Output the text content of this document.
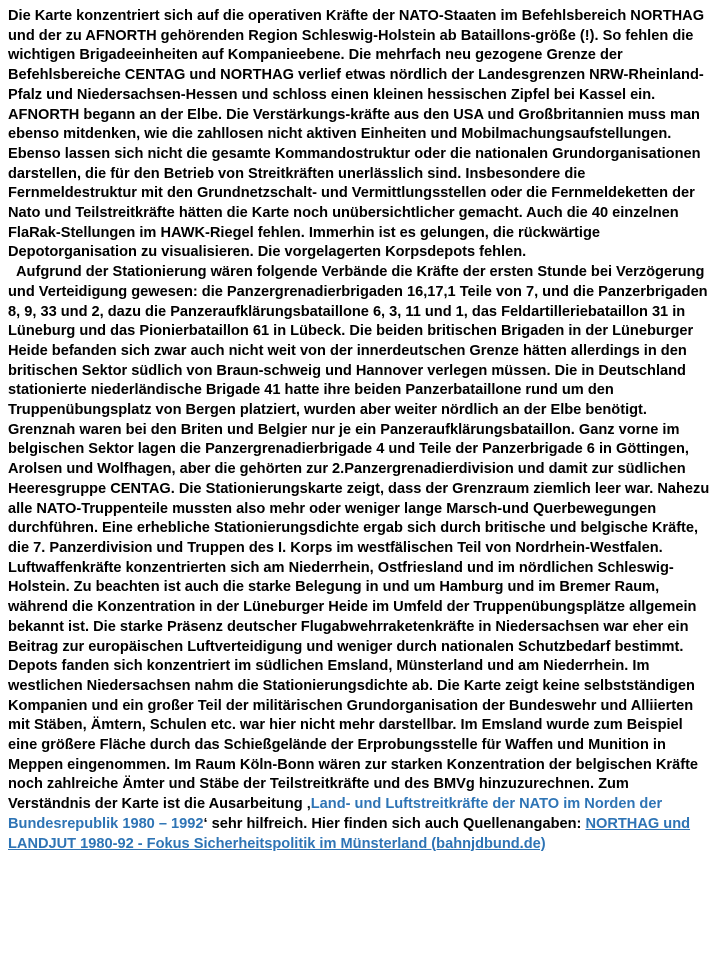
Die Karte konzentriert sich auf die operativen Kräfte der NATO-Staaten im Befehlsbereich NORTHAG und der zu AFNORTH gehörenden Region Schleswig-Holstein ab Bataillons-größe (!). So fehlen die wichtigen Brigadeeinheiten auf Kompanieebene. Die mehrfach neu gezogene Grenze der Befehlsbereiche CENTAG und NORTHAG verlief etwas nördlich der Landesgrenzen NRW-Rheinland-Pfalz und Niedersachsen-Hessen und schloss einen kleinen hessischen Zipfel bei Kassel ein. AFNORTH begann an der Elbe. Die Verstärkungs-kräfte aus den USA und Großbritannien muss man ebenso mitdenken, wie die zahllosen nicht aktiven Einheiten und Mobilmachungsaufstellungen. Ebenso lassen sich nicht die gesamte Kommandostruktur oder die nationalen Grundorganisationen darstellen, die für den Betrieb von Streitkräften unerlässlich sind. Insbesondere die Fernmeldestruktur mit den Grundnetzschalt- und Vermittlungsstellen oder die Fernmeldeketten der Nato und Teilstreitkräfte hätten die Karte noch unübersichtlicher gemacht. Auch die 40 einzelnen FlaRak-Stellungen im HAWK-Riegel fehlen. Immerhin ist es gelungen, die rückwärtige Depotorganisation zu visualisieren. Die vorgelagerten Korpsdepots fehlen.

Aufgrund der Stationierung wären folgende Verbände die Kräfte der ersten Stunde bei Verzögerung und Verteidigung gewesen: die Panzergrenadierbrigaden 16,17,1 Teile von 7, und die Panzerbrigaden 8, 9, 33 und 2, dazu die Panzeraufklärungsbataillone 6, 3, 11 und 1, das Feldartilleriebataillon 31 in Lüneburg und das Pionierbataillon 61 in Lübeck. Die beiden britischen Brigaden in der Lüneburger Heide befanden sich zwar auch nicht weit von der innerdeutschen Grenze hätten allerdings in den britischen Sektor südlich von Braun-schweig und Hannover verlegen müssen. Die in Deutschland stationierte niederländische Brigade 41 hatte ihre beiden Panzerbataillone rund um den Truppenübungsplatz von Bergen platziert, wurden aber weiter nördlich an der Elbe benötigt. Grenznah waren bei den Briten und Belgier nur je ein Panzeraufklärungsbataillon. Ganz vorne im belgischen Sektor lagen die Panzergrenadierbrigade 4 und Teile der Panzerbrigade 6 in Göttingen, Arolsen und Wolfhagen, aber die gehörten zur 2.Panzergrenadierdivision und damit zur südlichen Heeresgruppe CENTAG. Die Stationierungskarte zeigt, dass der Grenzraum ziemlich leer war. Nahezu alle NATO-Truppenteile mussten also mehr oder weniger lange Marsch-und Querbewegungen durchführen. Eine erhebliche Stationierungsdichte ergab sich durch britische und belgische Kräfte, die 7. Panzerdivision und Truppen des I. Korps im westfälischen Teil von Nordrhein-Westfalen. Luftwaffenkräfte konzentrierten sich am Niederrhein, Ostfriesland und im nördlichen Schleswig-Holstein. Zu beachten ist auch die starke Belegung in und um Hamburg und im Bremer Raum, während die Konzentration in der Lüneburger Heide im Umfeld der Truppenübungsplätze allgemein bekannt ist. Die starke Präsenz deutscher Flugabwehrraketenkräfte in Niedersachsen war eher ein Beitrag zur europäischen Luftverteidigung und weniger durch nationalen Schutzbedarf bestimmt. Depots fanden sich konzentriert im südlichen Emsland, Münsterland und am Niederrhein. Im westlichen Niedersachsen nahm die Stationierungsdichte ab. Die Karte zeigt keine selbstständigen Kompanien und ein großer Teil der militärischen Grundorganisation der Bundeswehr und Alliierten mit Stäben, Ämtern, Schulen etc. war hier nicht mehr darstellbar. Im Emsland wurde zum Beispiel eine größere Fläche durch das Schießgelände der Erprobungsstelle für Waffen und Munition in Meppen eingenommen. Im Raum Köln-Bonn wären zur starken Konzentration der belgischen Kräfte noch zahlreiche Ämter und Stäbe der Teilstreitkräfte und des BMVg hinzuzurechnen. Zum Verständnis der Karte ist die Ausarbeitung ‚Land- und Luftstreitkräfte der NATO im Norden der Bundesrepublik 1980 – 1992‘ sehr hilfreich. Hier finden sich auch Quellenangaben: NORTHAG und LANDJUT 1980-92 - Fokus Sicherheitspolitik im Münsterland (bahnjdbund.de)
